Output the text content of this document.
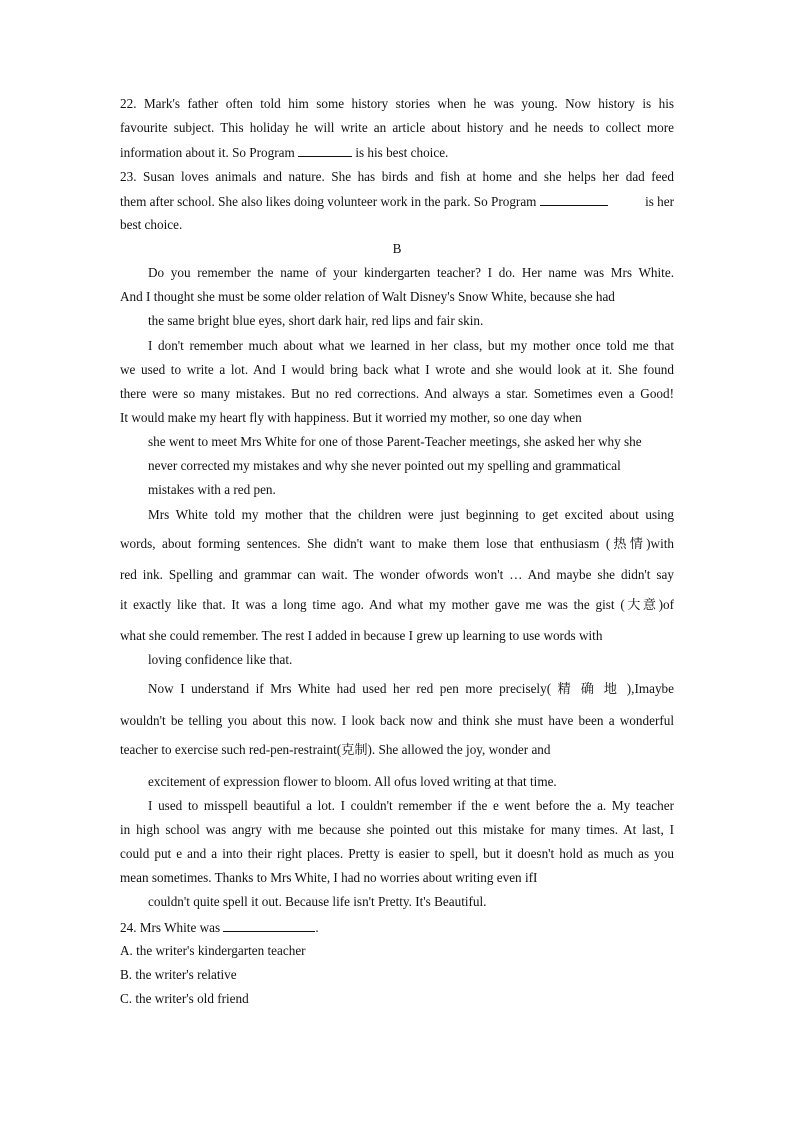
22. Mark's father often told him some history stories when he was young. Now history is his
favourite subject. This holiday he will write an article about history and he needs to collect more
information about it. So Program	is his best choice.
23. Susan loves animals and nature. She has birds and fish at home and she helps her dad feed
them after school. She also likes doing volunteer work in the park. So Program	is her
best choice.
B
Do you remember the name of your kindergarten teacher? I do. Her name was Mrs White.
And I thought she must be some older relation of Walt Disney's Snow White, because she had
the same bright blue eyes, short dark hair, red lips and fair skin.
I don't remember much about what we learned in her class, but my mother once told me that
we used to write a lot. And I would bring back what I wrote and she would look at it. She found
there were so many mistakes. But no red corrections. And always a star. Sometimes even a Good!
It would make my heart fly with happiness. But it worried my mother, so one day when
she went to meet Mrs White for one of those Parent-Teacher meetings, she asked her why she
never corrected my mistakes and why she never pointed out my spelling and grammatical
mistakes with a red pen.
Mrs White told my mother that the children were just beginning to get excited about using
words, about forming sentences. She didn't want to make them lose that enthusiasm (热情)with
red ink. Spelling and grammar can wait. The wonder ofwords won't … And maybe she didn't say
it exactly like that. It was a long time ago. And what my mother gave me was the gist (大意)of
what she could remember. The rest I added in because I grew up learning to use words with
loving confidence like that.
Now I understand if Mrs White had used her red pen more precisely( 精 确 地 ),Imaybe
wouldn't be telling you about this now. I look back now and think she must have been a wonderful
teacher to exercise such red-pen-restraint(克制). She allowed the joy, wonder and
excitement of expression flower to bloom. All ofus loved writing at that time.
I used to misspell beautiful a lot. I couldn't remember if the e went before the a. My teacher
in high school was angry with me because she pointed out this mistake for many times. At last, I
could put e and a into their right places. Pretty is easier to spell, but it doesn't hold as much as you
mean sometimes. Thanks to Mrs White, I had no worries about writing even ifI
couldn't quite spell it out. Because life isn't Pretty. It's Beautiful.
24. Mrs White was	.
A. the writer's kindergarten teacher
B. the writer's relative
C. the writer's old friend
